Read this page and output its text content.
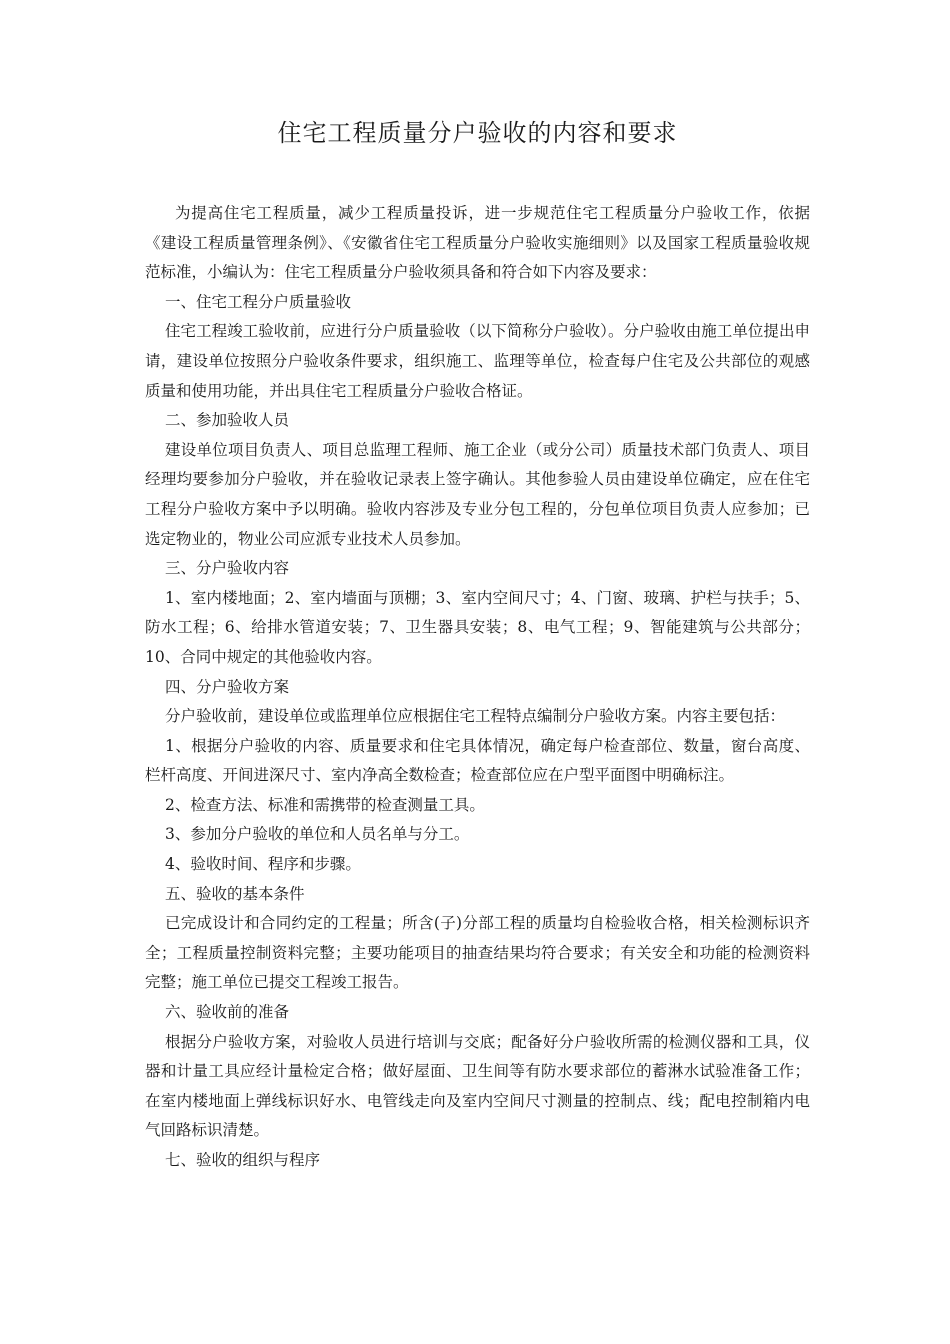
住宅工程质量分户验收的内容和要求

为提高住宅工程质量，减少工程质量投诉，进一步规范住宅工程质量分户验收工作，依据《建设工程质量管理条例》、《安徽省住宅工程质量分户验收实施细则》以及国家工程质量验收规范标准，小编认为：住宅工程质量分户验收须具备和符合如下内容及要求：

一、住宅工程分户质量验收

住宅工程竣工验收前，应进行分户质量验收（以下简称分户验收）。分户验收由施工单位提出申请，建设单位按照分户验收条件要求，组织施工、监理等单位，检查每户住宅及公共部位的观感质量和使用功能，并出具住宅工程质量分户验收合格证。

二、参加验收人员

建设单位项目负责人、项目总监理工程师、施工企业（或分公司）质量技术部门负责人、项目经理均要参加分户验收，并在验收记录表上签字确认。其他参验人员由建设单位确定，应在住宅工程分户验收方案中予以明确。验收内容涉及专业分包工程的，分包单位项目负责人应参加；已选定物业的，物业公司应派专业技术人员参加。

三、分户验收内容

1、室内楼地面；2、室内墙面与顶棚；3、室内空间尺寸；4、门窗、玻璃、护栏与扶手；5、防水工程；6、给排水管道安装；7、卫生器具安装；8、电气工程；9、智能建筑与公共部分；10、合同中规定的其他验收内容。

四、分户验收方案

分户验收前，建设单位或监理单位应根据住宅工程特点编制分户验收方案。内容主要包括：

1、根据分户验收的内容、质量要求和住宅具体情况，确定每户检查部位、数量，窗台高度、栏杆高度、开间进深尺寸、室内净高全数检查；检查部位应在户型平面图中明确标注。

2、检查方法、标准和需携带的检查测量工具。

3、参加分户验收的单位和人员名单与分工。

4、验收时间、程序和步骤。

五、验收的基本条件

已完成设计和合同约定的工程量；所含(子)分部工程的质量均自检验收合格，相关检测标识齐全；工程质量控制资料完整；主要功能项目的抽查结果均符合要求；有关安全和功能的检测资料完整；施工单位已提交工程竣工报告。

六、验收前的准备

根据分户验收方案，对验收人员进行培训与交底；配备好分户验收所需的检测仪器和工具，仪器和计量工具应经计量检定合格；做好屋面、卫生间等有防水要求部位的蓄淋水试验准备工作；在室内楼地面上弹线标识好水、电管线走向及室内空间尺寸测量的控制点、线；配电控制箱内电气回路标识清楚。

七、验收的组织与程序
